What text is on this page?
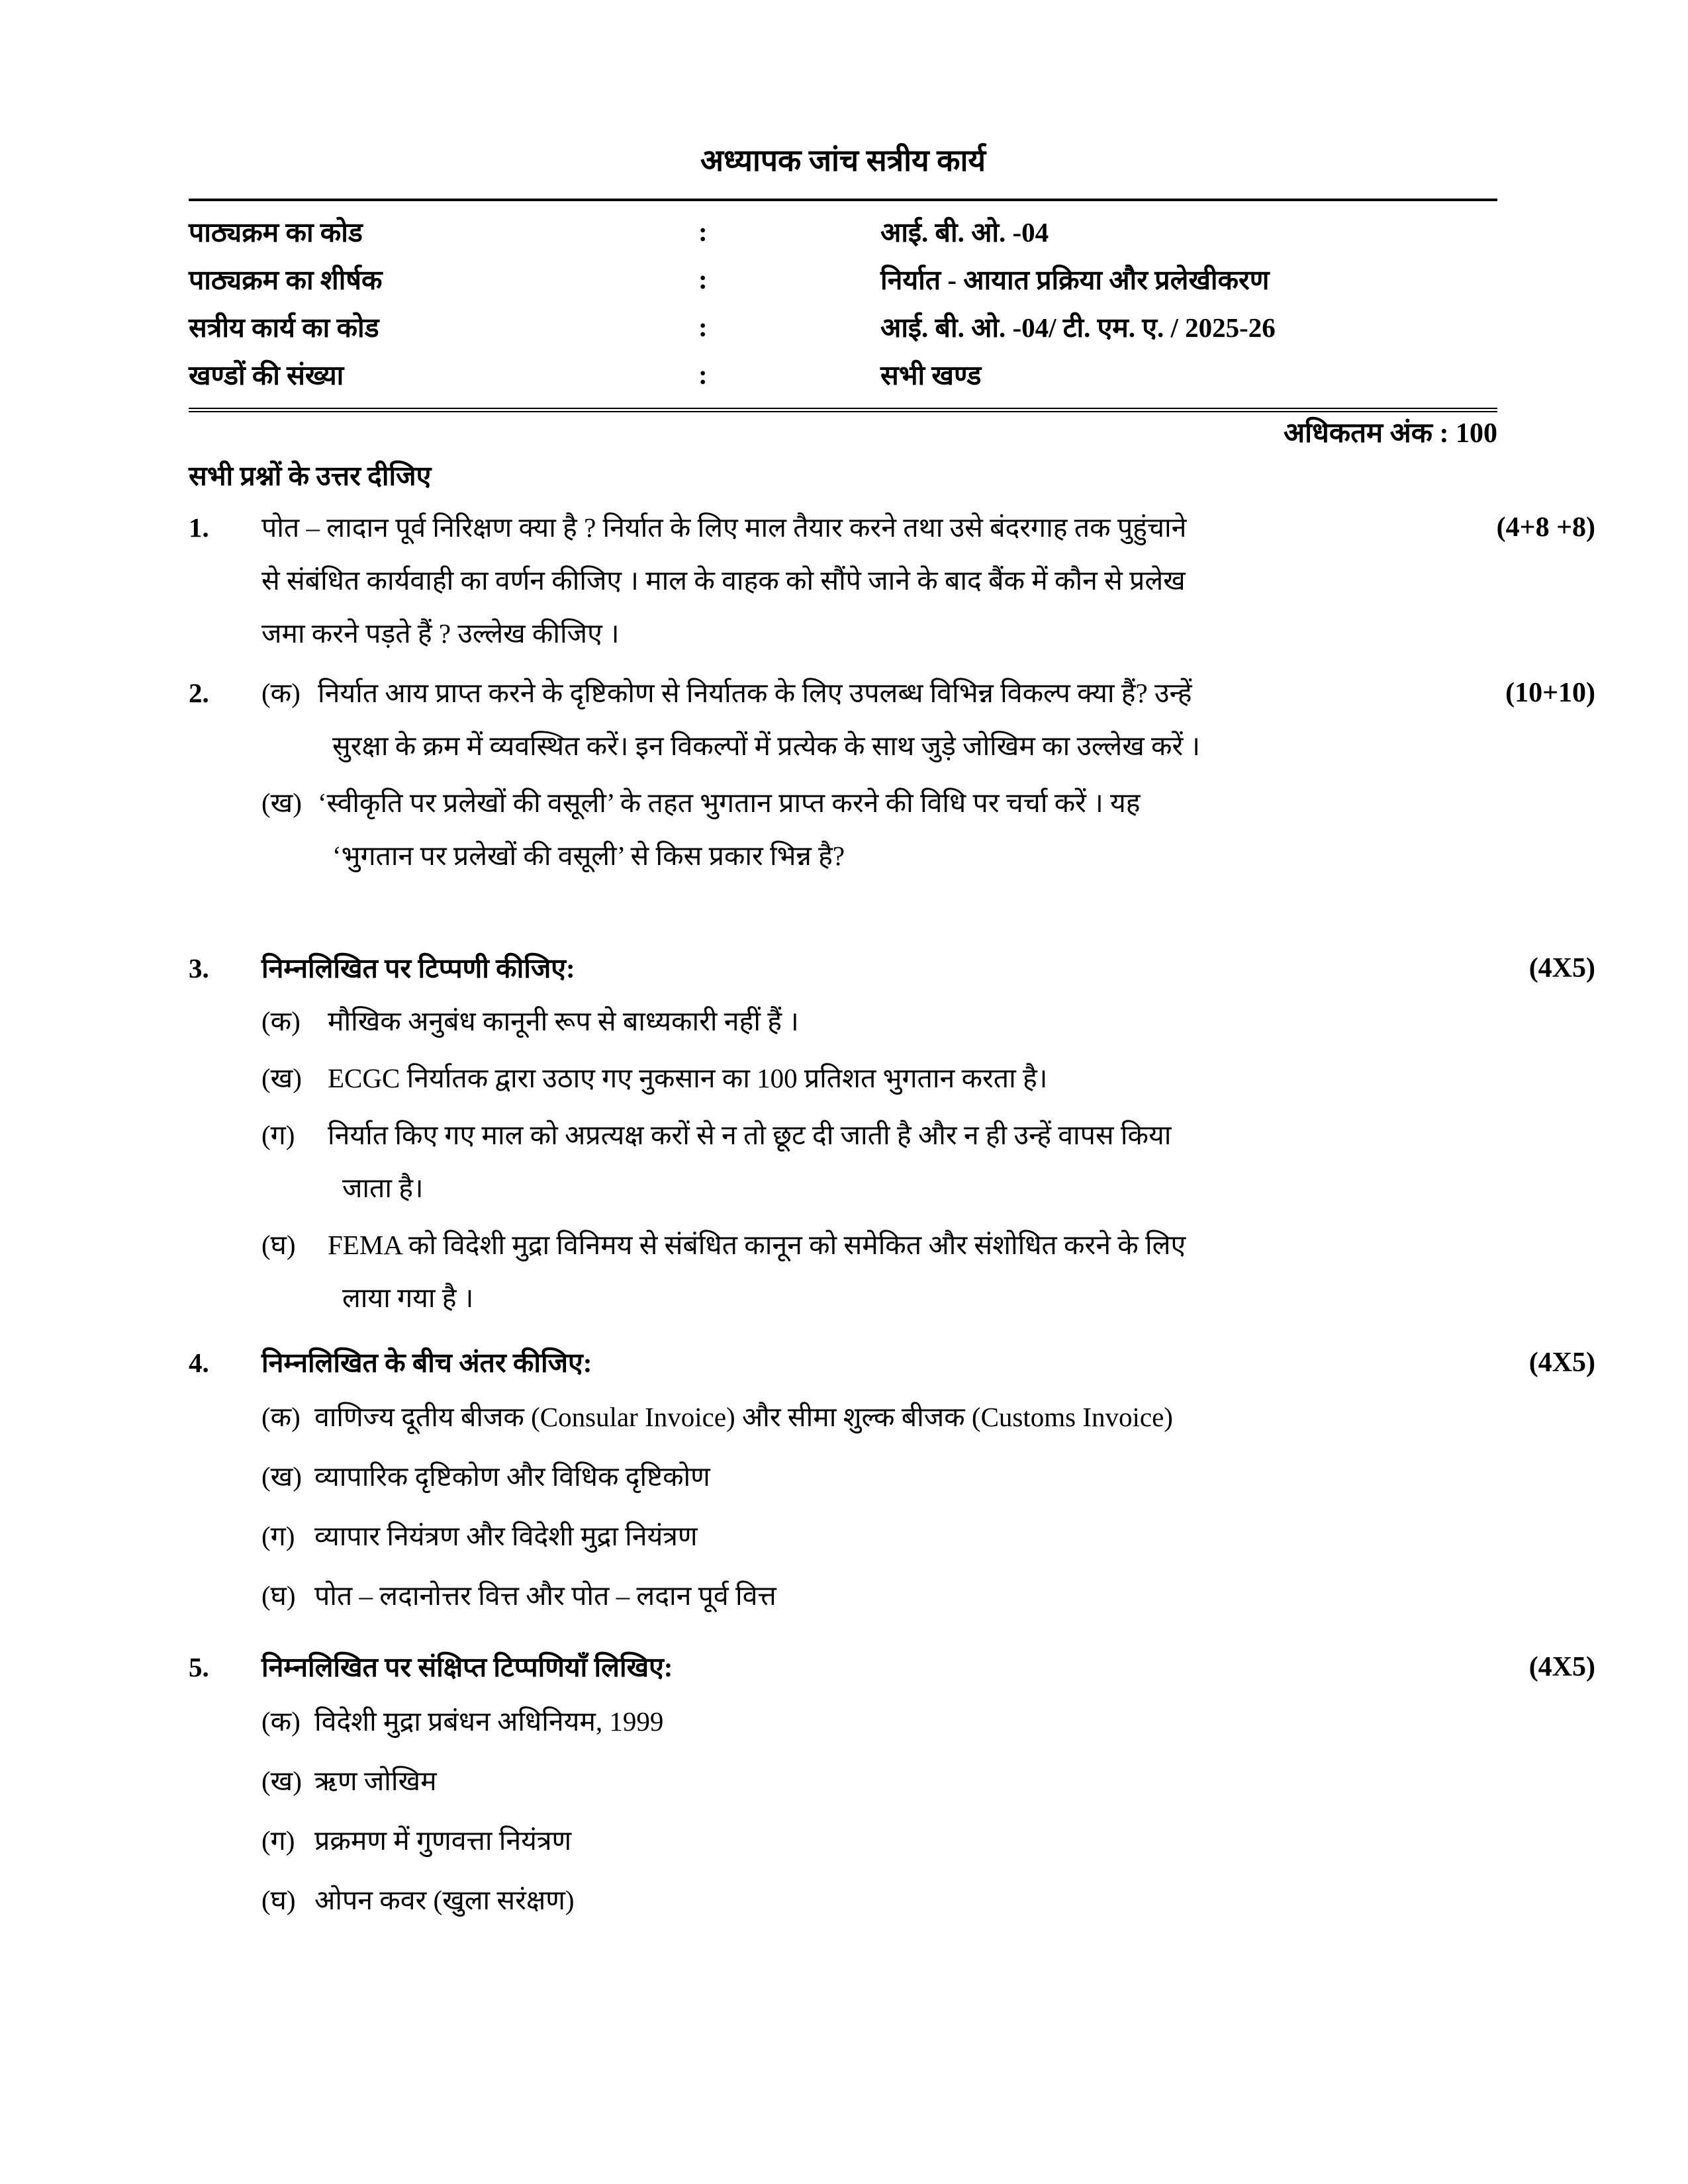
अध्यापक जांच सत्रीय कार्य
पाठ्यक्रम का कोड	:	आई. बी. ओ. -04
पाठ्यक्रम का शीर्षक	:	निर्यात - आयात प्रक्रिया और प्रलेखीकरण
सत्रीय कार्य का कोड	:	आई. बी. ओ. -04/ टी. एम. ए. / 2025-26
खण्डों की संख्या	:	सभी खण्ड
अधिकतम अंक : 100
सभी प्रश्नों के उत्तर दीजिए
1.	पोत – लादान पूर्व निरिक्षण क्या है ? निर्यात के लिए माल तैयार करने तथा उसे बंदरगाह तक पुहुंचाने
से संबंधित कार्यवाही का वर्णन कीजिए । माल के वाहक को सौंपे जाने के बाद बैंक में कौन से प्रलेख
जमा करने पड़ते हैं ? उल्लेख कीजिए ।
(4+8 +8)
2.	(क) निर्यात आय प्राप्त करने के दृष्टिकोण से निर्यातक के लिए उपलब्ध विभिन्न विकल्प क्या हैं? उन्हें
सुरक्षा के क्रम में व्यवस्थित करें। इन विकल्पों में प्रत्येक के साथ जुड़े जोखिम का उल्लेख करें ।
(ख) ‘स्वीकृति पर प्रलेखों की वसूली’ के तहत भुगतान प्राप्त करने की विधि पर चर्चा करें । यह
‘भुगतान पर प्रलेखों की वसूली’ से किस प्रकार भिन्न है?
(10+10)
3.	निम्नलिखित पर टिप्पणी कीजिए:
(क)	मौखिक अनुबंध कानूनी रूप से बाध्यकारी नहीं हैं ।
(ख) ECGC निर्यातक द्वारा उठाए गए नुकसान का 100 प्रतिशत भुगतान करता है।
(ग)	निर्यात किए गए माल को अप्रत्यक्ष करों से न तो छूट दी जाती है और न ही उन्हें वापस किया
जाता है।
(घ)	FEMA को विदेशी मुद्रा विनिमय से संबंधित कानून को समेकित और संशोधित करने के लिए
लाया गया है ।
(4X5)
4.	निम्नलिखित के बीच अंतर कीजिए:
(क) वाणिज्य दूतीय बीजक (Consular Invoice) और सीमा शुल्क बीजक (Customs Invoice)
(ख) व्यापारिक दृष्टिकोण और विधिक दृष्टिकोण
(ग) व्यापार नियंत्रण और विदेशी मुद्रा नियंत्रण
(घ) पोत – लदानोत्तर वित्त और पोत – लदान पूर्व वित्त
(4X5)
5.	निम्नलिखित पर संक्षिप्त टिप्पणियाँ लिखिए:
(क) विदेशी मुद्रा प्रबंधन अधिनियम, 1999
(ख) ऋण जोखिम
(ग) प्रक्रमण में गुणवत्ता नियंत्रण
(घ) ओपन कवर (खुला सरंक्षण)
(4X5)
